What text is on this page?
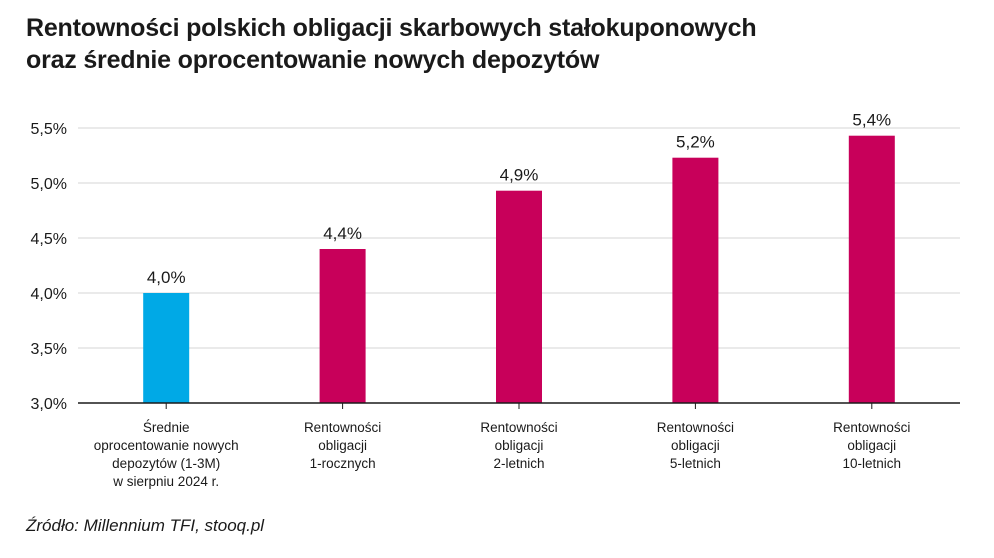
Rentowności polskich obligacji skarbowych stałokuponowych
oraz średnie oprocentowanie nowych depozytów
3,0%
3,5%
4,0%
4,5%
5,0%
5,5%
4,0%
4,4%
4,9%
5,2%
5,4%
Średnie oprocentowanie nowych depozytów (1-3M) w sierpniu 2024 r.
Rentowności obligacji 1-rocznych
Rentowności obligacji 2-letnich
Rentowności obligacji 5-letnich
Rentowności obligacji 10-letnich
Źródło: Millennium TFI, stooq.pl
